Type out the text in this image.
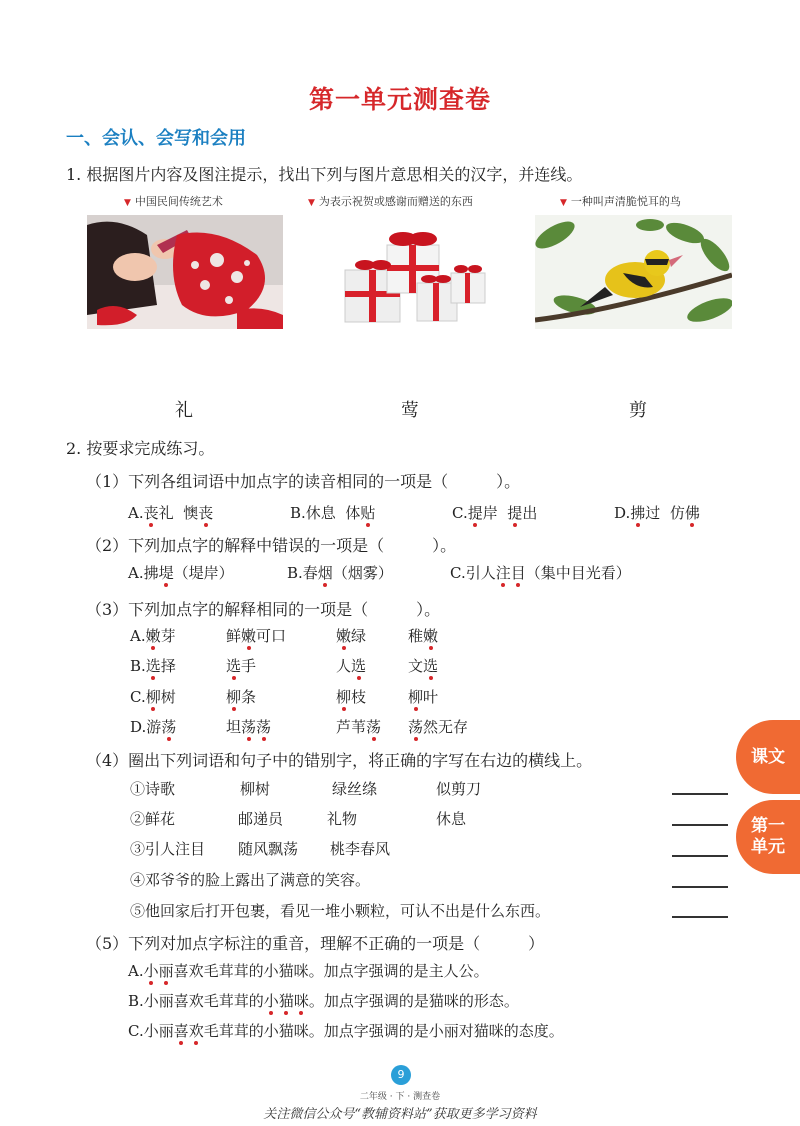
第一单元测查卷
一、会认、会写和会用
1. 根据图片内容及图注提示，找出下列与图片意思相关的汉字，并连线。
▼ 中国民间传统艺术	▼ 为表示祝贺或感谢而赠送的东西	▼ 一种叫声清脆悦耳的鸟
礼	莺	剪
2. 按要求完成练习。
（1）下列各组词语中加点字的读音相同的一项是（　　　）。
A.丧礼 懊丧	B.休息 体贴	C.提岸 提出	D.拂过 仿佛
（2）下列加点字的解释中错误的一项是（　　　）。
A.拂堤（堤岸）	B.春烟（烟雾）	C.引人注目（集中目光看）
（3）下列加点字的解释相同的一项是（　　　）。
A.嫩芽	鲜嫩可口	嫩绿	稚嫩
B.选择	选手	人选	文选
C.柳树	柳条	柳枝	柳叶
D.游荡	坦荡荡	芦苇荡 荡然无存
（4）圈出下列词语和句子中的错别字，将正确的字写在右边的横线上。
①诗歌	柳树	绿丝绦	似剪刀
②鲜花	邮递员	礼物	休息
③引人注目 随风飘荡 桃李春风
④邓爷爷的脸上露出了满意的笑容。
⑤他回家后打开包裹，看见一堆小颗粒，可认不出是什么东西。
（5）下列对加点字标注的重音，理解不正确的一项是（　　　）
A.小丽喜欢毛茸茸的小猫咪。加点字强调的是主人公。
B.小丽喜欢毛茸茸的小猫咪。加点字强调的是猫咪的形态。
C.小丽喜欢毛茸茸的小猫咪。加点字强调的是小丽对猫咪的态度。
课文
第一单元
9
二年级 · 下 · 测查卷
关注微信公众号“教辅资料站”获取更多学习资料
